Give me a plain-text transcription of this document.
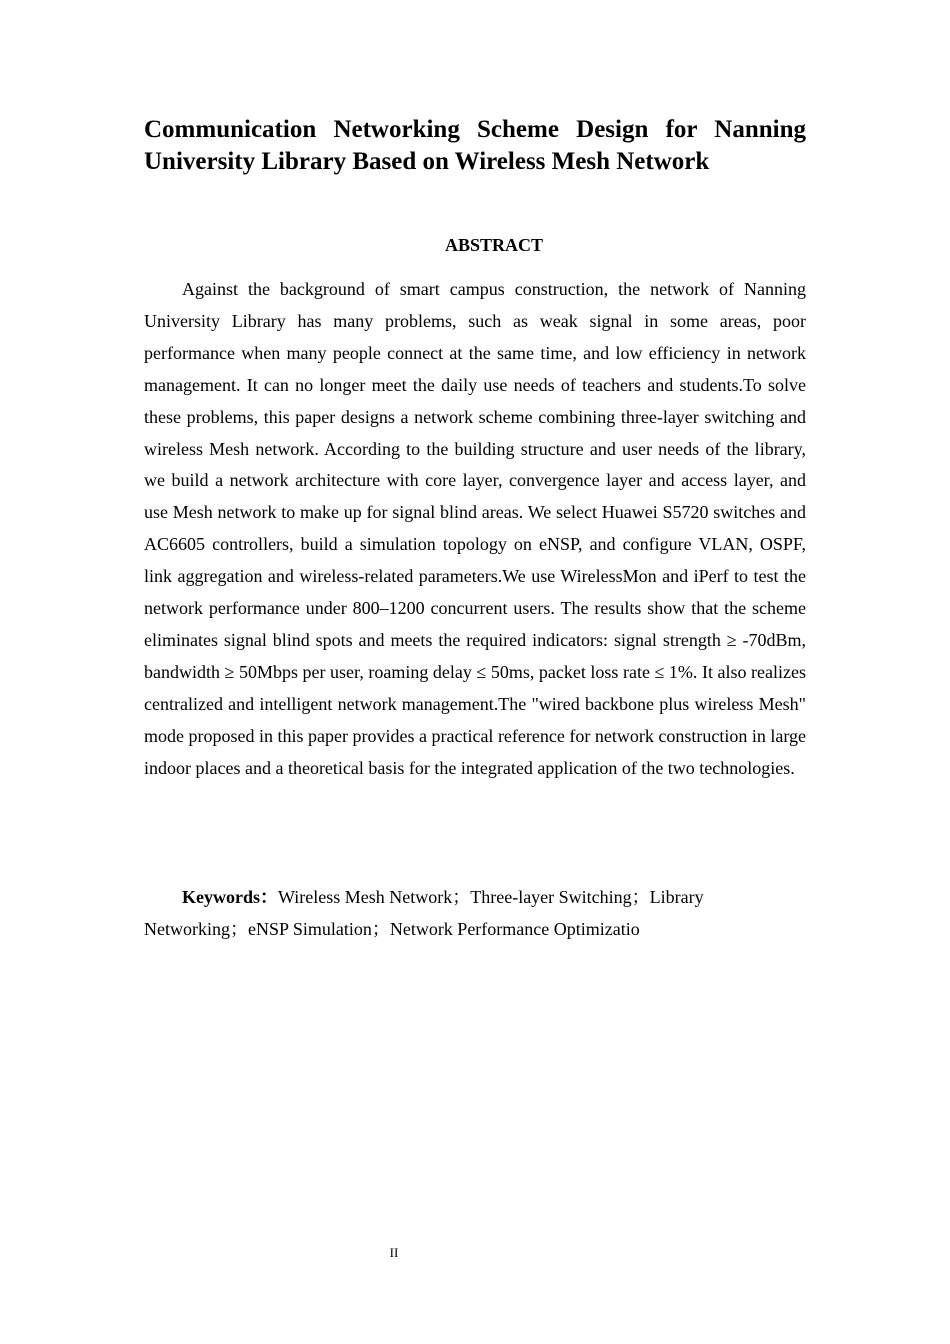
Communication Networking Scheme Design for Nanning University Library Based on Wireless Mesh Network
ABSTRACT

Against the background of smart campus construction, the network of Nanning University Library has many problems, such as weak signal in some areas, poor performance when many people connect at the same time, and low efficiency in network management. It can no longer meet the daily use needs of teachers and students.To solve these problems, this paper designs a network scheme combining three-layer switching and wireless Mesh network. According to the building structure and user needs of the library, we build a network architecture with core layer, convergence layer and access layer, and use Mesh network to make up for signal blind areas. We select Huawei S5720 switches and AC6605 controllers, build a simulation topology on eNSP, and configure VLAN, OSPF, link aggregation and wireless-related parameters.We use WirelessMon and iPerf to test the network performance under 800–1200 concurrent users. The results show that the scheme eliminates signal blind spots and meets the required indicators: signal strength ≥ -70dBm, bandwidth ≥ 50Mbps per user, roaming delay ≤ 50ms, packet loss rate ≤ 1%. It also realizes centralized and intelligent network management.The "wired backbone plus wireless Mesh" mode proposed in this paper provides a practical reference for network construction in large indoor places and a theoretical basis for the integrated application of the two technologies.

Keywords：Wireless Mesh Network；Three-layer Switching；Library Networking；eNSP Simulation；Network Performance Optimizatio

II
